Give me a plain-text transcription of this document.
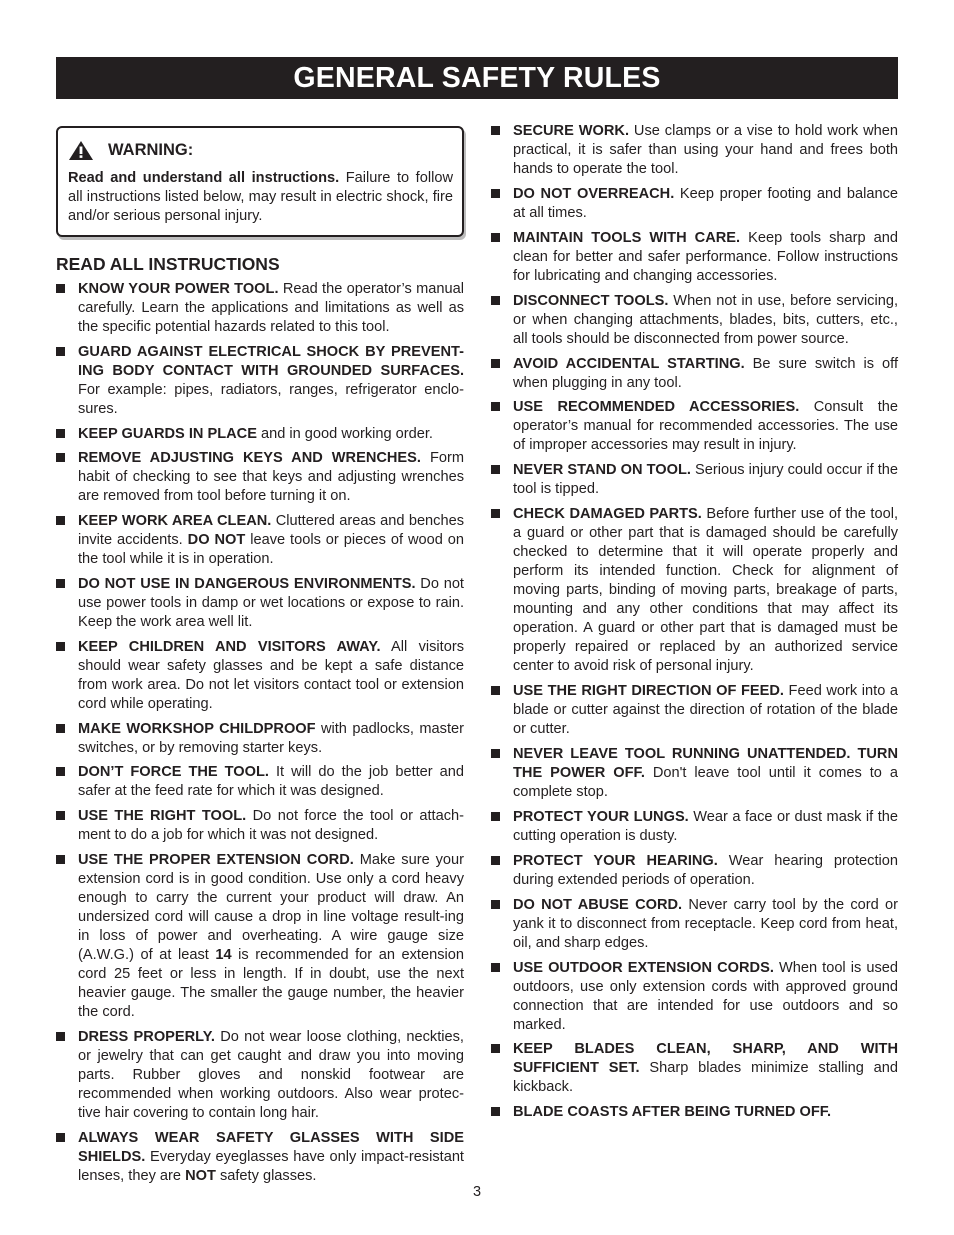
GENERAL SAFETY RULES
WARNING:
Read and understand all instructions. Failure to follow all instructions listed below, may result in electric shock, fire and/or serious personal injury.
READ ALL INSTRUCTIONS
KNOW YOUR POWER TOOL. Read the operator’s manual carefully. Learn the applications and limitations as well as the specific potential hazards related to this tool.
GUARD AGAINST ELECTRICAL SHOCK BY PREVENT-ING BODY CONTACT WITH GROUNDED SURFACES. For example: pipes, radiators, ranges, refrigerator enclo-sures.
KEEP GUARDS IN PLACE and in good working order.
REMOVE ADJUSTING KEYS AND WRENCHES. Form habit of checking to see that keys and adjusting wrenches are removed from tool before turning it on.
KEEP WORK AREA CLEAN. Cluttered areas and benches invite accidents. DO NOT leave tools or pieces of wood on the tool while it is in operation.
DO NOT USE IN DANGEROUS ENVIRONMENTS. Do not use power tools in damp or wet locations or expose to rain. Keep the work area well lit.
KEEP CHILDREN AND VISITORS AWAY. All visitors should wear safety glasses and be kept a safe distance from work area. Do not let visitors contact tool or extension cord while operating.
MAKE WORKSHOP CHILDPROOF with padlocks, master switches, or by removing starter keys.
DON’T FORCE THE TOOL. It will do the job better and safer at the feed rate for which it was designed.
USE THE RIGHT TOOL. Do not force the tool or attach-ment to do a job for which it was not designed.
USE THE PROPER EXTENSION CORD. Make sure your extension cord is in good condition. Use only a cord heavy enough to carry the current your product will draw. An undersized cord will cause a drop in line voltage result-ing in loss of power and overheating. A wire gauge size (A.W.G.) of at least 14 is recommended for an extension cord 25 feet or less in length. If in doubt, use the next heavier gauge. The smaller the gauge number, the heavier the cord.
DRESS PROPERLY. Do not wear loose clothing, neckties, or jewelry that can get caught and draw you into moving parts. Rubber gloves and nonskid footwear are recommended when working outdoors. Also wear protec-tive hair covering to contain long hair.
ALWAYS WEAR SAFETY GLASSES WITH SIDE SHIELDS. Everyday eyeglasses have only impact-resistant lenses, they are NOT safety glasses.
SECURE WORK. Use clamps or a vise to hold work when practical, it is safer than using your hand and frees both hands to operate the tool.
DO NOT OVERREACH. Keep proper footing and balance at all times.
MAINTAIN TOOLS WITH CARE. Keep tools sharp and clean for better and safer performance. Follow instructions for lubricating and changing accessories.
DISCONNECT TOOLS. When not in use, before servicing, or when changing attachments, blades, bits, cutters, etc., all tools should be disconnected from power source.
AVOID ACCIDENTAL STARTING. Be sure switch is off when plugging in any tool.
USE RECOMMENDED ACCESSORIES. Consult the operator’s manual for recommended accessories. The use of improper accessories may result in injury.
NEVER STAND ON TOOL. Serious injury could occur if the tool is tipped.
CHECK DAMAGED PARTS. Before further use of the tool, a guard or other part that is damaged should be carefully checked to determine that it will operate properly and perform its intended function. Check for alignment of moving parts, binding of moving parts, breakage of parts, mounting and any other conditions that may affect its operation. A guard or other part that is damaged must be properly repaired or replaced by an authorized service center to avoid risk of personal injury.
USE THE RIGHT DIRECTION OF FEED. Feed work into a blade or cutter against the direction of rotation of the blade or cutter.
NEVER LEAVE TOOL RUNNING UNATTENDED. TURN THE POWER OFF. Don't leave tool until it comes to a complete stop.
PROTECT YOUR LUNGS. Wear a face or dust mask if the cutting operation is dusty.
PROTECT YOUR HEARING. Wear hearing protection during extended periods of operation.
DO NOT ABUSE CORD. Never carry tool by the cord or yank it to disconnect from receptacle. Keep cord from heat, oil, and sharp edges.
USE OUTDOOR EXTENSION CORDS. When tool is used outdoors, use only extension cords with approved ground connection that are intended for use outdoors and so marked.
KEEP BLADES CLEAN, SHARP, AND WITH SUFFICIENT SET. Sharp blades minimize stalling and kickback.
BLADE COASTS AFTER BEING TURNED OFF.
3
